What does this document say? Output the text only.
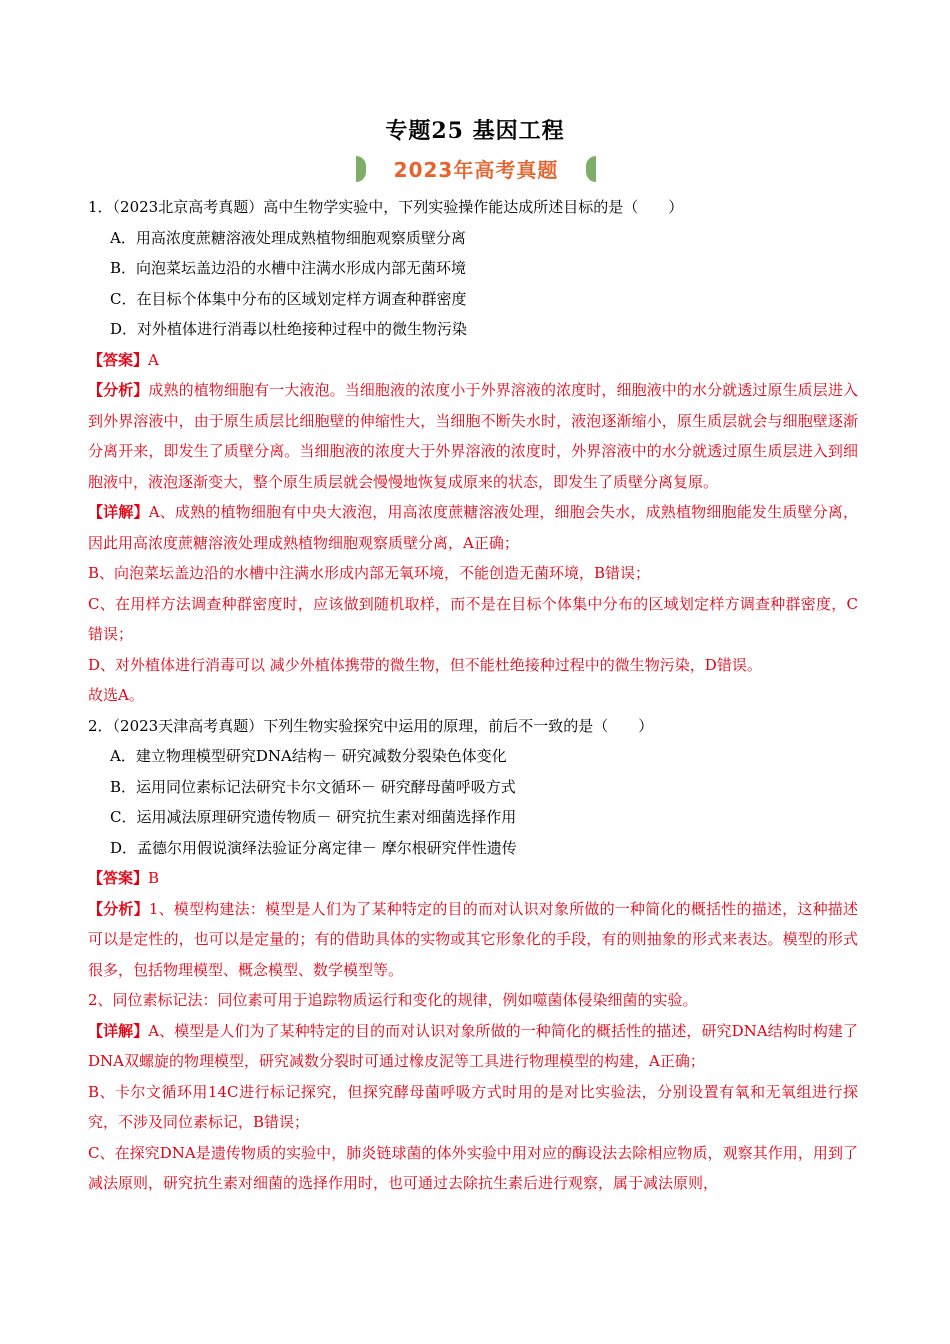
专题25 基因工程
2023年高考真题
1．（2023北京高考真题）高中生物学实验中，下列实验操作能达成所述目标的是（　　）
A．用高浓度蔗糖溶液处理成熟植物细胞观察质壁分离
B．向泡菜坛盖边沿的水槽中注满水形成内部无菌环境
C．在目标个体集中分布的区域划定样方调查种群密度
D．对外植体进行消毒以杜绝接种过程中的微生物污染
【答案】A
【分析】成熟的植物细胞有一大液泡。当细胞液的浓度小于外界溶液的浓度时，细胞液中的水分就透过原生质层进入到外界溶液中，由于原生质层比细胞壁的伸缩性大，当细胞不断失水时，液泡逐渐缩小，原生质层就会与细胞壁逐渐分离开来，即发生了质壁分离。当细胞液的浓度大于外界溶液的浓度时，外界溶液中的水分就透过原生质层进入到细胞液中，液泡逐渐变大，整个原生质层就会慢慢地恢复成原来的状态，即发生了质壁分离复原。
【详解】A、成熟的植物细胞有中央大液泡，用高浓度蔗糖溶液处理，细胞会失水，成熟植物细胞能发生质壁分离，因此用高浓度蔗糖溶液处理成熟植物细胞观察质壁分离，A正确；
B、向泡菜坛盖边沿的水槽中注满水形成内部无氧环境，不能创造无菌环境，B错误；
C、在用样方法调查种群密度时，应该做到随机取样，而不是在目标个体集中分布的区域划定样方调查种群密度，C错误；
D、对外植体进行消毒可以 减少外植体携带的微生物，但不能杜绝接种过程中的微生物污染，D错误。
故选A。
2．（2023天津高考真题）下列生物实验探究中运用的原理，前后不一致的是（　　）
A．建立物理模型研究DNA结构－ 研究减数分裂染色体变化
B．运用同位素标记法研究卡尔文循环－ 研究酵母菌呼吸方式
C．运用减法原理研究遗传物质－ 研究抗生素对细菌选择作用
D．孟德尔用假说演绎法验证分离定律－ 摩尔根研究伴性遗传
【答案】B
【分析】1、模型构建法：模型是人们为了某种特定的目的而对认识对象所做的一种简化的概括性的描述，这种描述可以是定性的，也可以是定量的；有的借助具体的实物或其它形象化的手段，有的则抽象的形式来表达。模型的形式很多，包括物理模型、概念模型、数学模型等。
2、同位素标记法：同位素可用于追踪物质运行和变化的规律，例如噬菌体侵染细菌的实验。
【详解】A、模型是人们为了某种特定的目的而对认识对象所做的一种简化的概括性的描述，研究DNA结构时构建了DNA双螺旋的物理模型，研究减数分裂时可通过橡皮泥等工具进行物理模型的构建，A正确；
B、卡尔文循环用14C进行标记探究，但探究酵母菌呼吸方式时用的是对比实验法，分别设置有氧和无氧组进行探究，不涉及同位素标记，B错误；
C、在探究DNA是遗传物质的实验中，肺炎链球菌的体外实验中用对应的酶设法去除相应物质，观察其作用，用到了减法原则，研究抗生素对细菌的选择作用时，也可通过去除抗生素后进行观察，属于减法原则，
